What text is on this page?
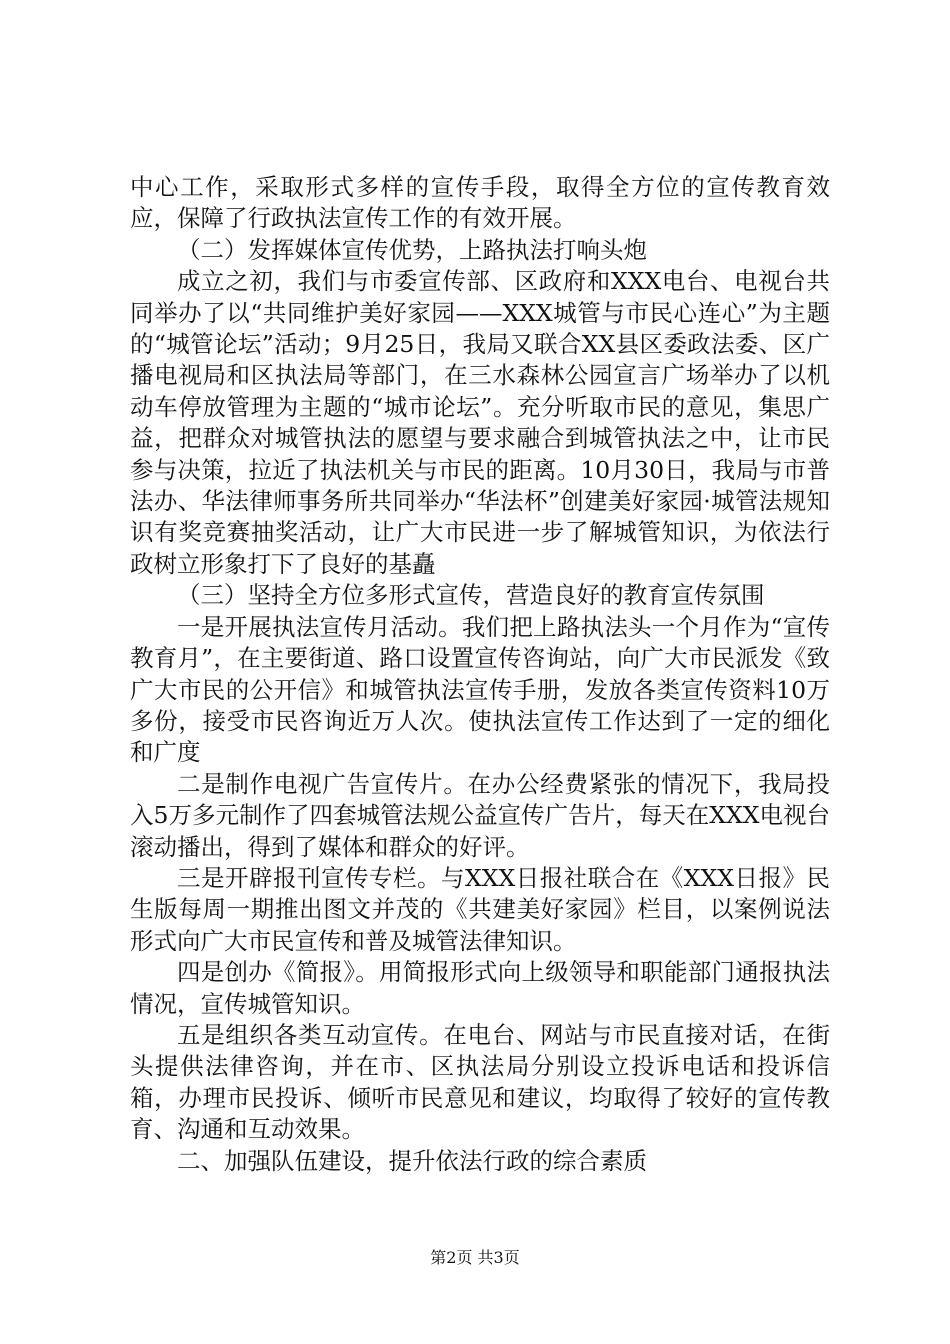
中心工作，采取形式多样的宣传手段，取得全方位的宣传教育效应，保障了行政执法宣传工作的有效开展。

（二）发挥媒体宣传优势，上路执法打响头炮

成立之初，我们与市委宣传部、区政府和XXX电台、电视台共同举办了以“共同维护美好家园——XXX城管与市民心连心”为主题的“城管论坛”活动；9月25日，我局又联合XX县区委政法委、区广播电视局和区执法局等部门，在三水森林公园宣言广场举办了以机动车停放管理为主题的“城市论坛”。充分听取市民的意见，集思广益，把群众对城管执法的愿望与要求融合到城管执法之中，让市民参与决策，拉近了执法机关与市民的距离。10月30日，我局与市普法办、华法律师事务所共同举办“华法杯”创建美好家园·城管法规知识有奖竞赛抽奖活动，让广大市民进一步了解城管知识，为依法行政树立形象打下了良好的基矗

（三）坚持全方位多形式宣传，营造良好的教育宣传氛围

一是开展执法宣传月活动。我们把上路执法头一个月作为“宣传教育月”，在主要街道、路口设置宣传咨询站，向广大市民派发《致广大市民的公开信》和城管执法宣传手册，发放各类宣传资料10万多份，接受市民咨询近万人次。使执法宣传工作达到了一定的细化和广度

二是制作电视广告宣传片。在办公经费紧张的情况下，我局投入5万多元制作了四套城管法规公益宣传广告片，每天在XXX电视台滚动播出，得到了媒体和群众的好评。

三是开辟报刊宣传专栏。与XXX日报社联合在《XXX日报》民生版每周一期推出图文并茂的《共建美好家园》栏目，以案例说法形式向广大市民宣传和普及城管法律知识。

四是创办《简报》。用简报形式向上级领导和职能部门通报执法情况，宣传城管知识。

五是组织各类互动宣传。在电台、网站与市民直接对话，在街头提供法律咨询，并在市、区执法局分别设立投诉电话和投诉信箱，办理市民投诉、倾听市民意见和建议，均取得了较好的宣传教育、沟通和互动效果。

二、加强队伍建设，提升依法行政的综合素质

第2页 共3页
